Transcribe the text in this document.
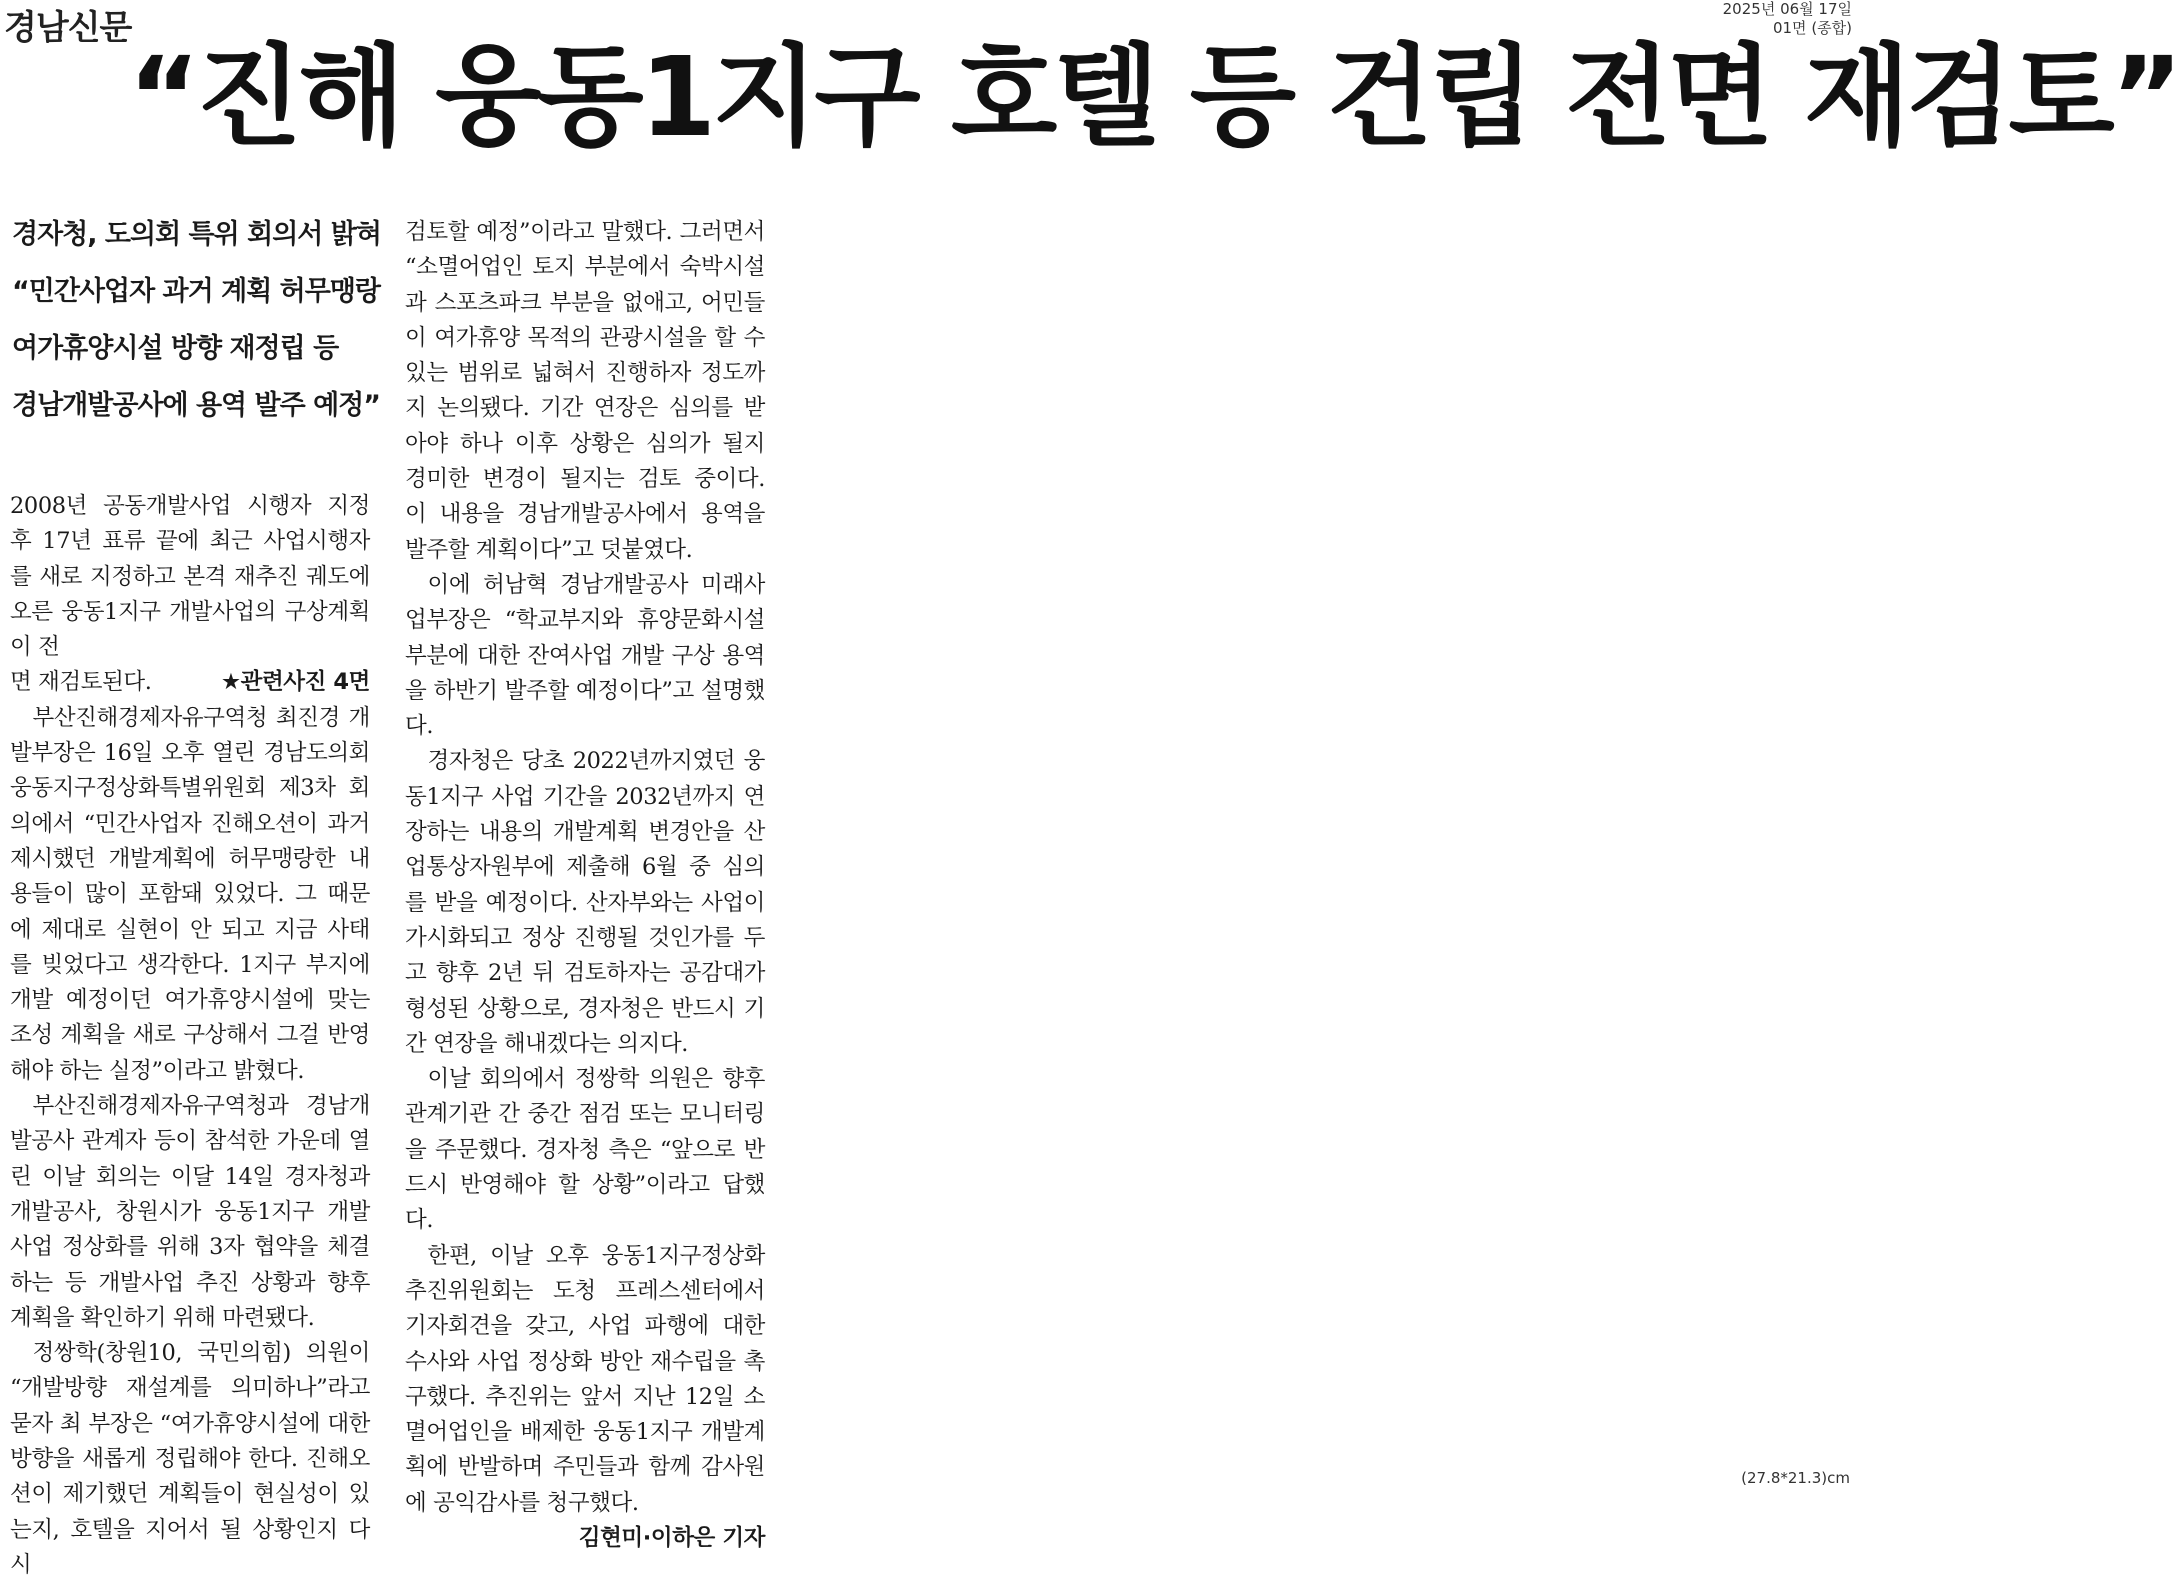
경남신문	2025년 06월 17일
01면 (종합)
“진해 웅동1지구 호텔 등 건립 전면 재검토”
경자청, 도의회 특위 회의서 밝혀
“민간사업자 과거 계획 허무맹랑
여가휴양시설 방향 재정립 등
경남개발공사에 용역 발주 예정”

2008년 공동개발사업 시행자 지정 후 17년 표류 끝에 최근 사업시행자를 새로 지정하고 본격 재추진 궤도에 오른 웅동1지구 개발사업의 구상계획이 전

면 재검토된다.	★관련사진 4면

부산진해경제자유구역청 최진경 개발부장은 16일 오후 열린 경남도의회 웅동지구정상화특별위원회 제3차 회의에서 “민간사업자 진해오션이 과거 제시했던 개발계획에 허무맹랑한 내용들이 많이 포함돼 있었다. 그 때문에 제대로 실현이 안 되고 지금 사태를 빚었다고 생각한다. 1지구 부지에 개발 예정이던 여가휴양시설에 맞는 조성 계획을 새로 구상해서 그걸 반영해야 하는 실정”이라고 밝혔다.

부산진해경제자유구역청과 경남개발공사 관계자 등이 참석한 가운데 열린 이날 회의는 이달 14일 경자청과 개발공사, 창원시가 웅동1지구 개발사업 정상화를 위해 3자 협약을 체결하는 등 개발사업 추진 상황과 향후 계획을 확인하기 위해 마련됐다.

정쌍학(창원10, 국민의힘) 의원이 “개발방향 재설계를 의미하나”라고 묻자 최 부장은 “여가휴양시설에 대한 방향을 새롭게 정립해야 한다. 진해오션이 제기했던 계획들이 현실성이 있는지, 호텔을 지어서 될 상황인지 다시

검토할 예정”이라고 말했다. 그러면서 “소멸어업인 토지 부분에서 숙박시설과 스포츠파크 부분을 없애고, 어민들이 여가휴양 목적의 관광시설을 할 수 있는 범위로 넓혀서 진행하자 정도까지 논의됐다. 기간 연장은 심의를 받아야 하나 이후 상황은 심의가 될지 경미한 변경이 될지는 검토 중이다. 이 내용을 경남개발공사에서 용역을 발주할 계획이다”고 덧붙였다.

이에 허남혁 경남개발공사 미래사업부장은 “학교부지와 휴양문화시설 부분에 대한 잔여사업 개발 구상 용역을 하반기 발주할 예정이다”고 설명했다.

경자청은 당초 2022년까지였던 웅동1지구 사업 기간을 2032년까지 연장하는 내용의 개발계획 변경안을 산업통상자원부에 제출해 6월 중 심의를 받을 예정이다. 산자부와는 사업이 가시화되고 정상 진행될 것인가를 두고 향후 2년 뒤 검토하자는 공감대가 형성된 상황으로, 경자청은 반드시 기간 연장을 해내겠다는 의지다.

이날 회의에서 정쌍학 의원은 향후 관계기관 간 중간 점검 또는 모니터링을 주문했다. 경자청 측은 “앞으로 반드시 반영해야 할 상황”이라고 답했다.

한편, 이날 오후 웅동1지구정상화추진위원회는 도청 프레스센터에서 기자회견을 갖고, 사업 파행에 대한 수사와 사업 정상화 방안 재수립을 촉구했다. 추진위는 앞서 지난 12일 소멸어업인을 배제한 웅동1지구 개발계획에 반발하며 주민들과 함께 감사원에 공익감사를 청구했다.

김현미·이하은 기자
(27.8*21.3)cm
